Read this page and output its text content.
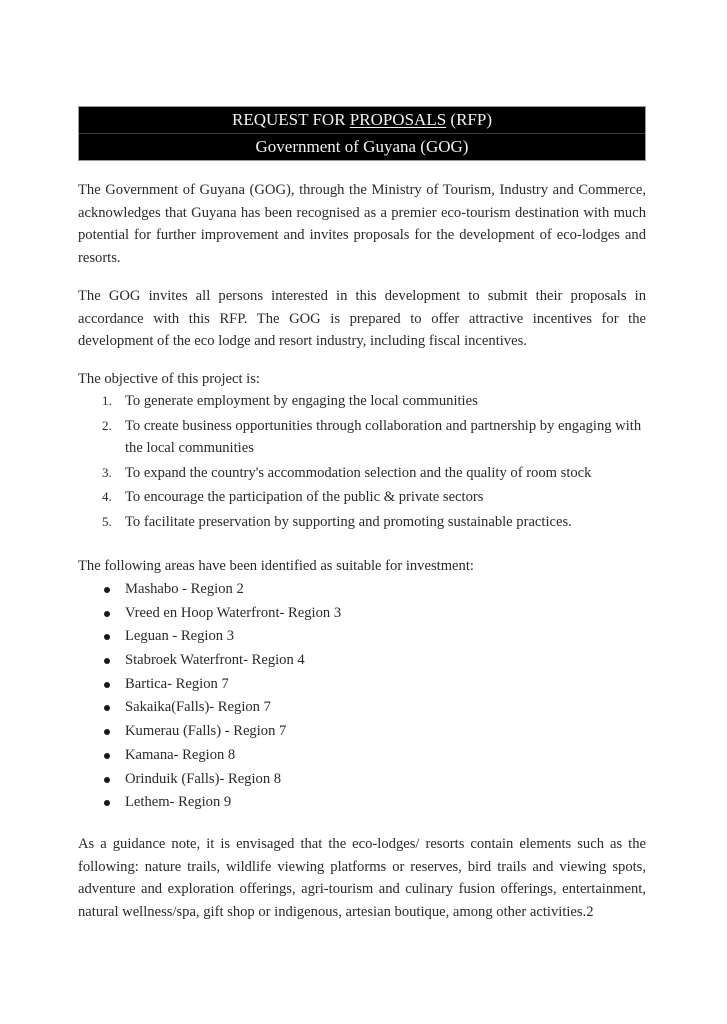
REQUEST FOR PROPOSALS (RFP)
Government of Guyana (GOG)

The Government of Guyana (GOG), through the Ministry of Tourism, Industry and Commerce, acknowledges that Guyana has been recognised as a premier eco-tourism destination with much potential for further improvement and invites proposals for the development of eco-lodges and resorts.

The GOG invites all persons interested in this development to submit their proposals in accordance with this RFP. The GOG is prepared to offer attractive incentives for the development of the eco lodge and resort industry, including fiscal incentives.

The objective of this project is:

1. To generate employment by engaging the local communities
2. To create business opportunities through collaboration and partnership by engaging with the local communities
3. To expand the country's accommodation selection and the quality of room stock
4. To encourage the participation of the public & private sectors
5. To facilitate preservation by supporting and promoting sustainable practices.

The following areas have been identified as suitable for investment:

Mashabo - Region 2
Vreed en Hoop Waterfront- Region 3
Leguan - Region 3
Stabroek Waterfront- Region 4
Bartica- Region 7
Sakaika(Falls)- Region 7
Kumerau (Falls) - Region 7
Kamana- Region 8
Orinduik (Falls)- Region 8
Lethem- Region 9

As a guidance note, it is envisaged that the eco-lodges/ resorts contain elements such as the following: nature trails, wildlife viewing platforms or reserves, bird trails and viewing spots, adventure and exploration offerings, agri-tourism and culinary fusion offerings, entertainment, natural wellness/spa, gift shop or indigenous, artesian boutique, among other activities.2
